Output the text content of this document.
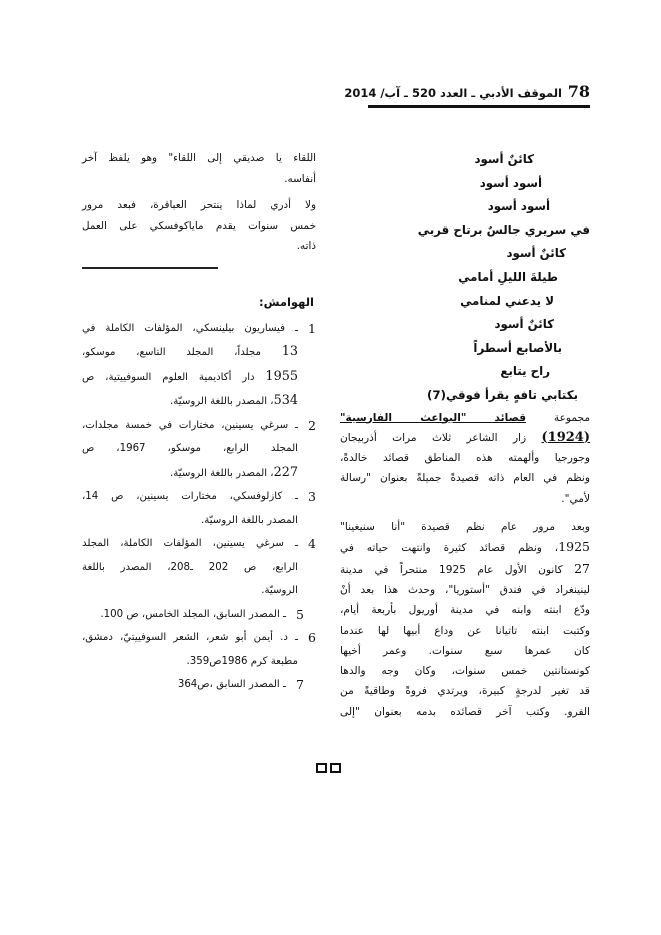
78
الموقف الأدبي ـ العدد 520 ـ آب/ 2014
كائنٌ أسود
أسود أسود
أسود أسود
في سريري جالسٌ برتاح قربي
كائنٌ أسود
طيلةَ الليلِ أمامي
لا يدعني لمنامي
كائنٌ أسود
بالأصابع أسطراً
راح يتابع
بكتابي تافهٍ يقرأ فوقي(7)

مجموعة قصائد "البواعث الفارسية"
(1924) زار الشاعر ثلاث مرات أذربيجان
وجورجيا وألهمته هذه المناطق قصائد خالدةً،
ونظم في العام ذاته قصيدةً جميلةً بعنوان "رسالة
لأمي".

وبعد مرور عام نظم قصيدة "أنا سنيغينا"
1925، ونظم قصائد كثيرة وانتهت حياته في
27 كانون الأول عام 1925 منتحراً في مدينة
لينينغراد في فندق "أستوريا"، وحدث هذا بعد أنْ
ودّع ابنته وابنه في مدينة أوريول بأربعة أيام،
وكتبت ابنته تاتيانا عن وداع أبيها لها عندما
كان عمرها سبع سنوات. وعمر أخيها
كونستانتين خمس سنوات، وكان وجه والدها
قد تغير لدرجةٍ كبيرة، ويرتدي فروةً وطاقيةً من
الفرو. وكتب آخر قصائده بدمه بعنوان "إلى

اللقاء يا صديقي إلى اللقاء" وهو يلفظ آخر
أنفاسه.

ولا أدري لماذا ينتحر العباقرة، فبعد مرور
خمس سنوات يقدم ماياكوفسكي على العمل
ذاته.

الهوامش:
1
ـ فيساريون بيلينسكي، المؤلفات الكاملة في
13 مجلداً، المجلد التاسع، موسكو،
1955 دار أكاديمية العلوم السوفييتية، ص
534، المصدر باللغة الروسيّة.
2
ـ سرغي يسينين، مختارات في خمسة مجلدات،
المجلد الرابع، موسكو، 1967، ص
227، المصدر باللغة الروسيّة.
3
ـ كازلوفسكي، مختارات يسينين، ص 14،
المصدر باللغة الروسيّة.
4
ـ سرغي يسينين، المؤلفات الكاملة، المجلد
الرابع، ص 202 ـ208، المصدر باللغة
الروسيّة.
5
ـ المصدر السابق، المجلد الخامس، ص 100.
6
ـ د. أيمن أبو شعر، الشعر السوفييتيّ، دمشق،
مطبعة كرم 1986ص359.
7
ـ المصدر السابق ،ص364
